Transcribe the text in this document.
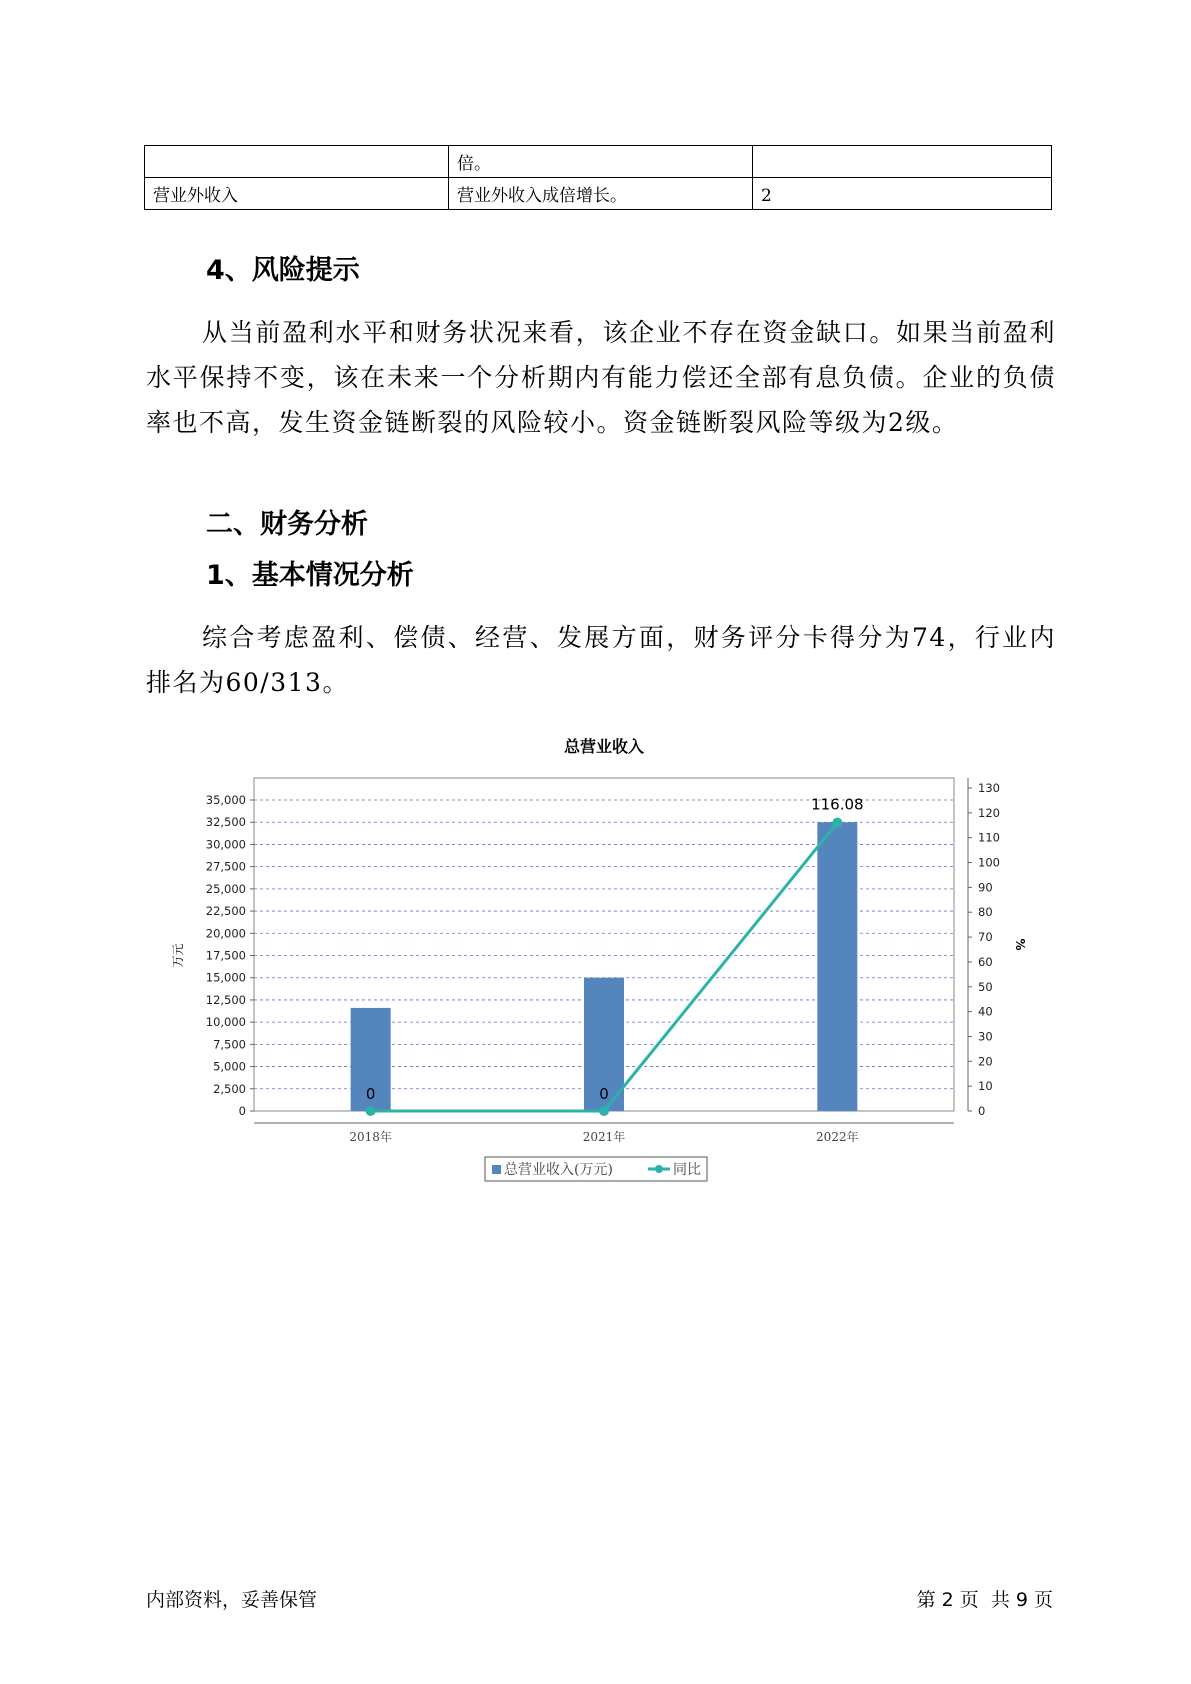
	倍。	
营业外收入	营业外收入成倍增长。	2
4、风险提示

从当前盈利水平和财务状况来看，该企业不存在资金缺口。如果当前盈利水平保持不变，该在未来一个分析期内有能力偿还全部有息负债。企业的负债率也不高，发生资金链断裂的风险较小。资金链断裂风险等级为2级。

二、财务分析
1、基本情况分析

综合考虑盈利、偿债、经营、发展方面，财务评分卡得分为74，行业内排名为60/313。

总营业收入
0
2,500
5,000
7,500
10,000
12,500
15,000
17,500
20,000
22,500
25,000
27,500
30,000
32,500
35,000
万元
0
10
20
30
40
50
60
70
80
90
100
110
120
130
%
2018年	2021年	2022年
0	0
116.08
总营业收入(万元)	同比
内部资料，妥善保管	第 2 页  共 9 页
